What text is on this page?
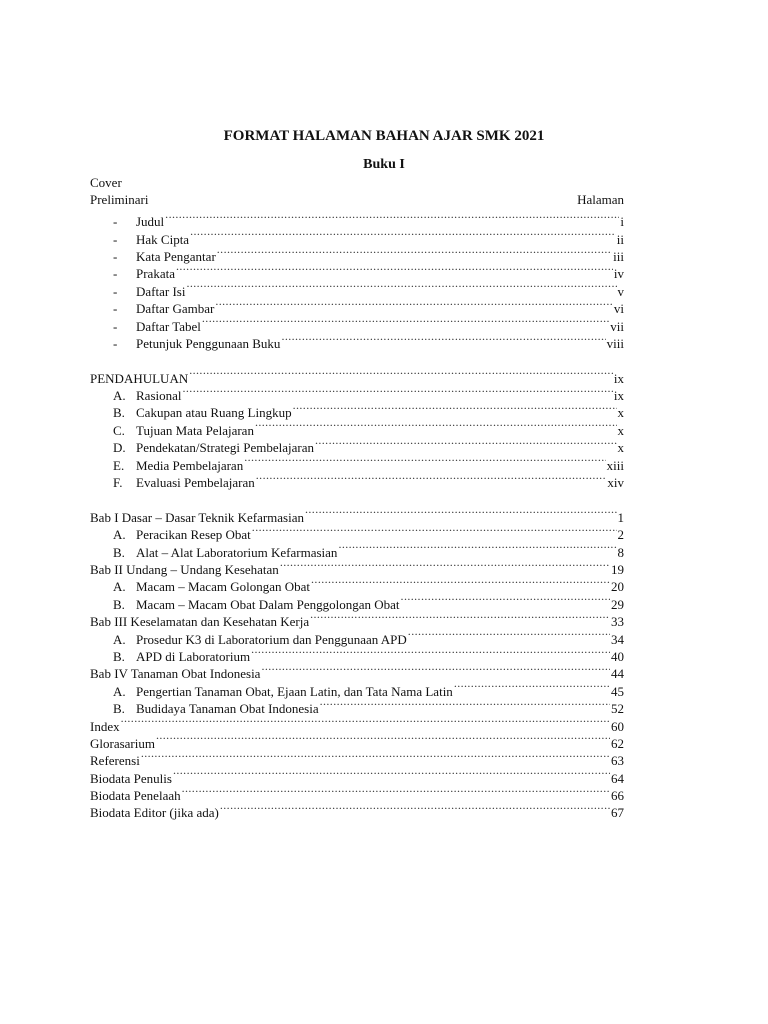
FORMAT HALAMAN BAHAN AJAR SMK 2021
Buku I
Cover
Preliminari	Halaman
-	Judul .....	i
-	Hak Cipta .....	ii
-	Kata Pengantar .....	iii
-	Prakata .....	iv
-	Daftar Isi .....	v
-	Daftar Gambar .....	vi
-	Daftar Tabel .....	vii
-	Petunjuk Penggunaan Buku .....	viii
PENDAHULUAN .....	ix
A. Rasional .....	ix
B. Cakupan atau Ruang Lingkup .....	x
C. Tujuan Mata Pelajaran .....	x
D. Pendekatan/Strategi Pembelajaran .....	x
E. Media Pembelajaran .....	xiii
F.	Evaluasi Pembelajaran .....	xiv
Bab I Dasar – Dasar Teknik Kefarmasian .....	1
A. Peracikan Resep Obat .....	2
B. Alat – Alat Laboratorium Kefarmasian .....	8
Bab II Undang – Undang Kesehatan .....	19
A. Macam – Macam Golongan Obat .....	20
B. Macam – Macam Obat Dalam Penggolongan Obat .....	29
Bab III Keselamatan dan Kesehatan Kerja .....	33
A. Prosedur K3 di Laboratorium dan Penggunaan APD .....	34
B. APD di Laboratorium .....	40
Bab IV Tanaman Obat Indonesia .....	44
A. Pengertian Tanaman Obat, Ejaan Latin, dan Tata Nama Latin .....	45
B. Budidaya Tanaman Obat Indonesia .....	52
Index .....	60
Glorasarium .....	62
Referensi .....	63
Biodata Penulis .....	64
Biodata Penelaah .....	66
Biodata Editor (jika ada) .....	67
